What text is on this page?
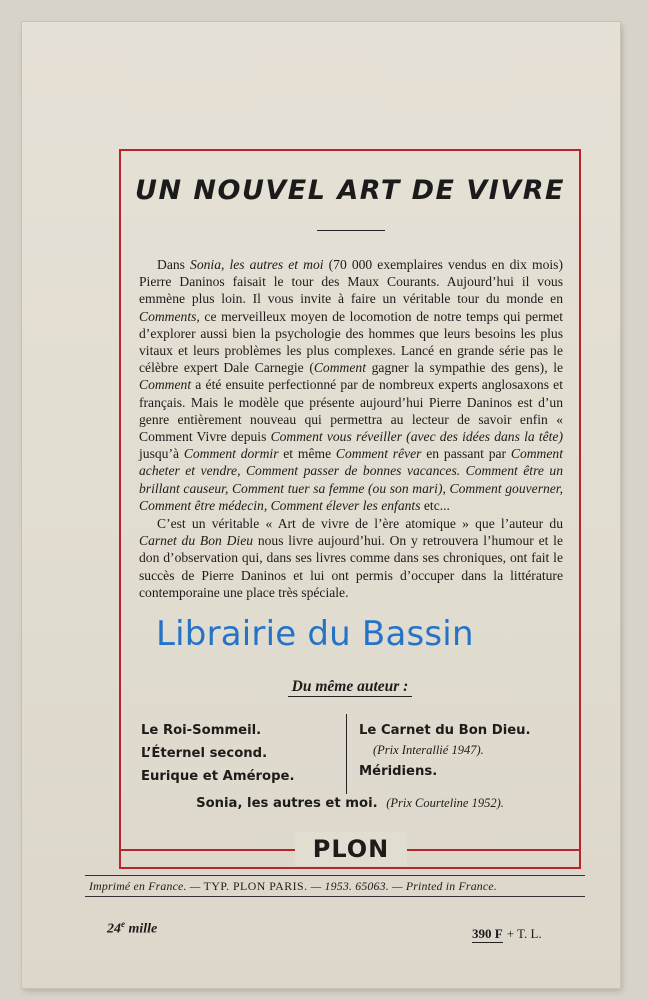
UN NOUVEL ART DE VIVRE

Dans Sonia, les autres et moi (70 000 exemplaires vendus en dix mois) Pierre Daninos faisait le tour des Maux Courants. Aujourd’hui il vous emmène plus loin. Il vous invite à faire un véritable tour du monde en Comments, ce merveilleux moyen de locomotion de notre temps qui permet d’explorer aussi bien la psychologie des hommes que leurs besoins les plus vitaux et leurs problèmes les plus complexes. Lancé en grande série pas le célèbre expert Dale Carnegie (Comment gagner la sympathie des gens), le Comment a été ensuite perfectionné par de nombreux experts anglosaxons et français. Mais le modèle que présente aujourd’hui Pierre Daninos est d’un genre entièrement nouveau qui permettra au lecteur de savoir enfin « Comment Vivre depuis Comment vous réveiller (avec des idées dans la tête) jusqu’à Comment dormir et même Comment rêver en passant par Comment acheter et vendre, Comment passer de bonnes vacances. Comment être un brillant causeur, Comment tuer sa femme (ou son mari), Comment gouverner, Comment être médecin, Comment élever les enfants etc...

C’est un véritable « Art de vivre de l’ère atomique » que l’auteur du Carnet du Bon Dieu nous livre aujourd’hui. On y retrouvera l’humour et le don d’observation qui, dans ses livres comme dans ses chroniques, ont fait le succès de Pierre Daninos et lui ont permis d’occuper dans la littérature contemporaine une place très spéciale.

Du même auteur :
Le Roi-Sommeil.
L’Éternel second.
Eurique et Amérope.
Le Carnet du Bon Dieu.
(Prix Interallié 1947).
Méridiens.
Sonia, les autres et moi. (Prix Courteline 1952).
PLON
Imprimé en France. — TYP. PLON PARIS. — 1953. 65063. — Printed in France.
24e mille	390 F + T. L.
Librairie du Bassin
